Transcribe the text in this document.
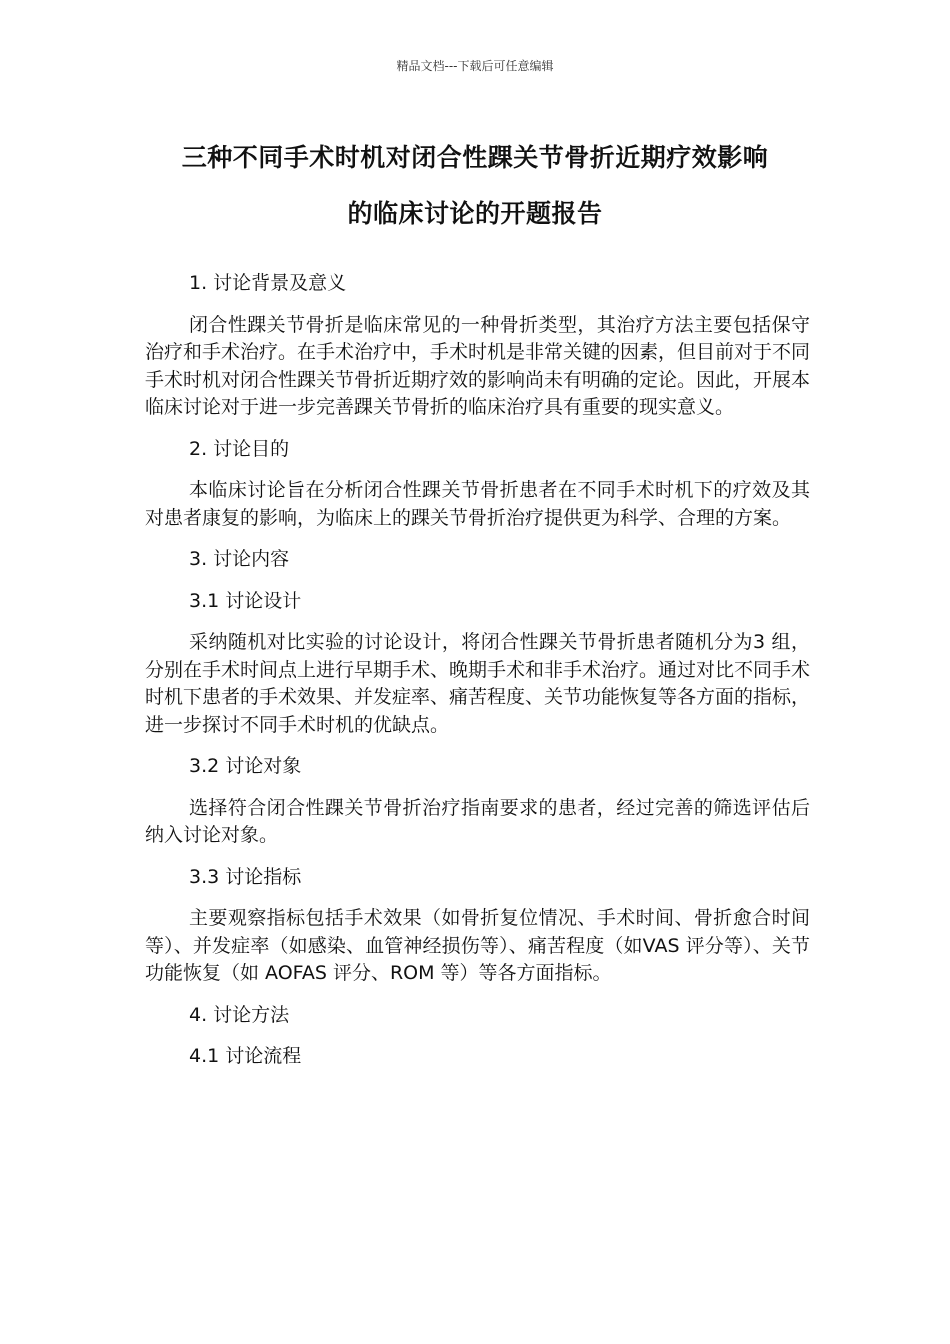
精品文档---下载后可任意编辑
三种不同手术时机对闭合性踝关节骨折近期疗效影响
的临床讨论的开题报告
1. 讨论背景及意义
闭合性踝关节骨折是临床常见的一种骨折类型，其治疗方法主要包括保守治疗和手术治疗。在手术治疗中，手术时机是非常关键的因素，但目前对于不同手术时机对闭合性踝关节骨折近期疗效的影响尚未有明确的定论。因此，开展本临床讨论对于进一步完善踝关节骨折的临床治疗具有重要的现实意义。
2. 讨论目的
本临床讨论旨在分析闭合性踝关节骨折患者在不同手术时机下的疗效及其对患者康复的影响，为临床上的踝关节骨折治疗提供更为科学、合理的方案。
3. 讨论内容
3.1 讨论设计
采纳随机对比实验的讨论设计，将闭合性踝关节骨折患者随机分为3 组，分别在手术时间点上进行早期手术、晚期手术和非手术治疗。通过对比不同手术时机下患者的手术效果、并发症率、痛苦程度、关节功能恢复等各方面的指标，进一步探讨不同手术时机的优缺点。
3.2 讨论对象
选择符合闭合性踝关节骨折治疗指南要求的患者，经过完善的筛选评估后纳入讨论对象。
3.3 讨论指标
主要观察指标包括手术效果（如骨折复位情况、手术时间、骨折愈合时间等）、并发症率（如感染、血管神经损伤等）、痛苦程度（如VAS 评分等）、关节功能恢复（如 AOFAS 评分、ROM 等）等各方面指标。
4. 讨论方法
4.1 讨论流程
